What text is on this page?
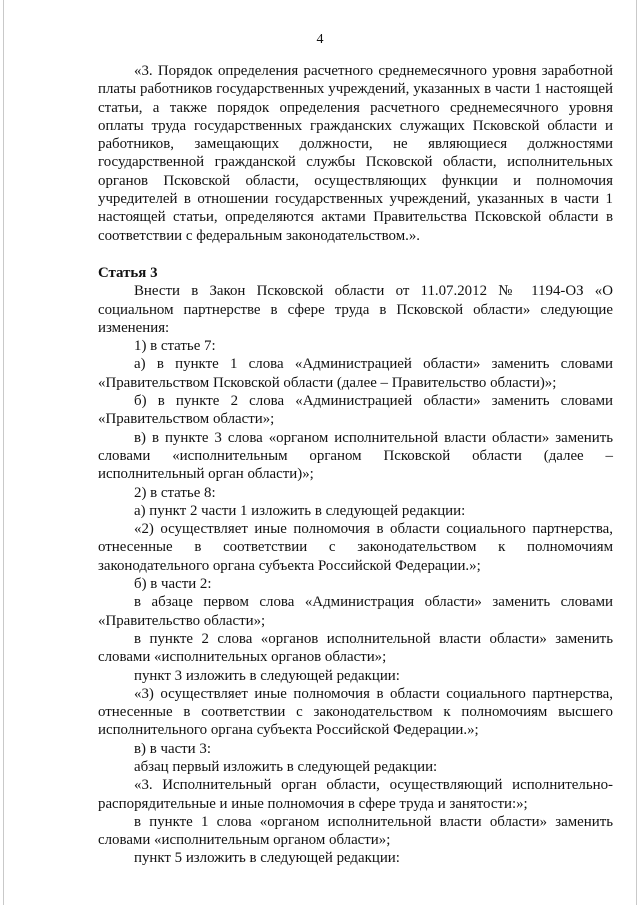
4

«3. Порядок определения расчетного среднемесячного уровня заработной платы работников государственных учреждений, указанных в части 1 настоящей статьи, а также порядок определения расчетного среднемесячного уровня оплаты труда государственных гражданских служащих Псковской области и работников, замещающих должности, не являющиеся должностями государственной гражданской службы Псковской области, исполнительных органов Псковской области, осуществляющих функции и полномочия учредителей в отношении государственных учреждений, указанных в части 1 настоящей статьи, определяются актами Правительства Псковской области в соответствии с федеральным законодательством.».

Статья 3

Внести в Закон Псковской области от 11.07.2012 № 1194-ОЗ «О социальном партнерстве в сфере труда в Псковской области» следующие изменения:

1) в статье 7:

а) в пункте 1 слова «Администрацией области» заменить словами «Правительством Псковской области (далее – Правительство области)»;

б) в пункте 2 слова «Администрацией области» заменить словами «Правительством области»;

в) в пункте 3 слова «органом исполнительной власти области» заменить словами «исполнительным органом Псковской области (далее – исполнительный орган области)»;

2) в статье 8:

а) пункт 2 части 1 изложить в следующей редакции:

«2) осуществляет иные полномочия в области социального партнерства, отнесенные в соответствии с законодательством к полномочиям законодательного органа субъекта Российской Федерации.»;

б) в части 2:

в абзаце первом слова «Администрация области» заменить словами «Правительство области»;

в пункте 2 слова «органов исполнительной власти области» заменить словами «исполнительных органов области»;

пункт 3 изложить в следующей редакции:

«3) осуществляет иные полномочия в области социального партнерства, отнесенные в соответствии с законодательством к полномочиям высшего исполнительного органа субъекта Российской Федерации.»;

в) в части 3:

абзац первый изложить в следующей редакции:

«3. Исполнительный орган области, осуществляющий исполнительно-распорядительные и иные полномочия в сфере труда и занятости:»;

в пункте 1 слова «органом исполнительной власти области» заменить словами «исполнительным органом области»;

пункт 5 изложить в следующей редакции:
